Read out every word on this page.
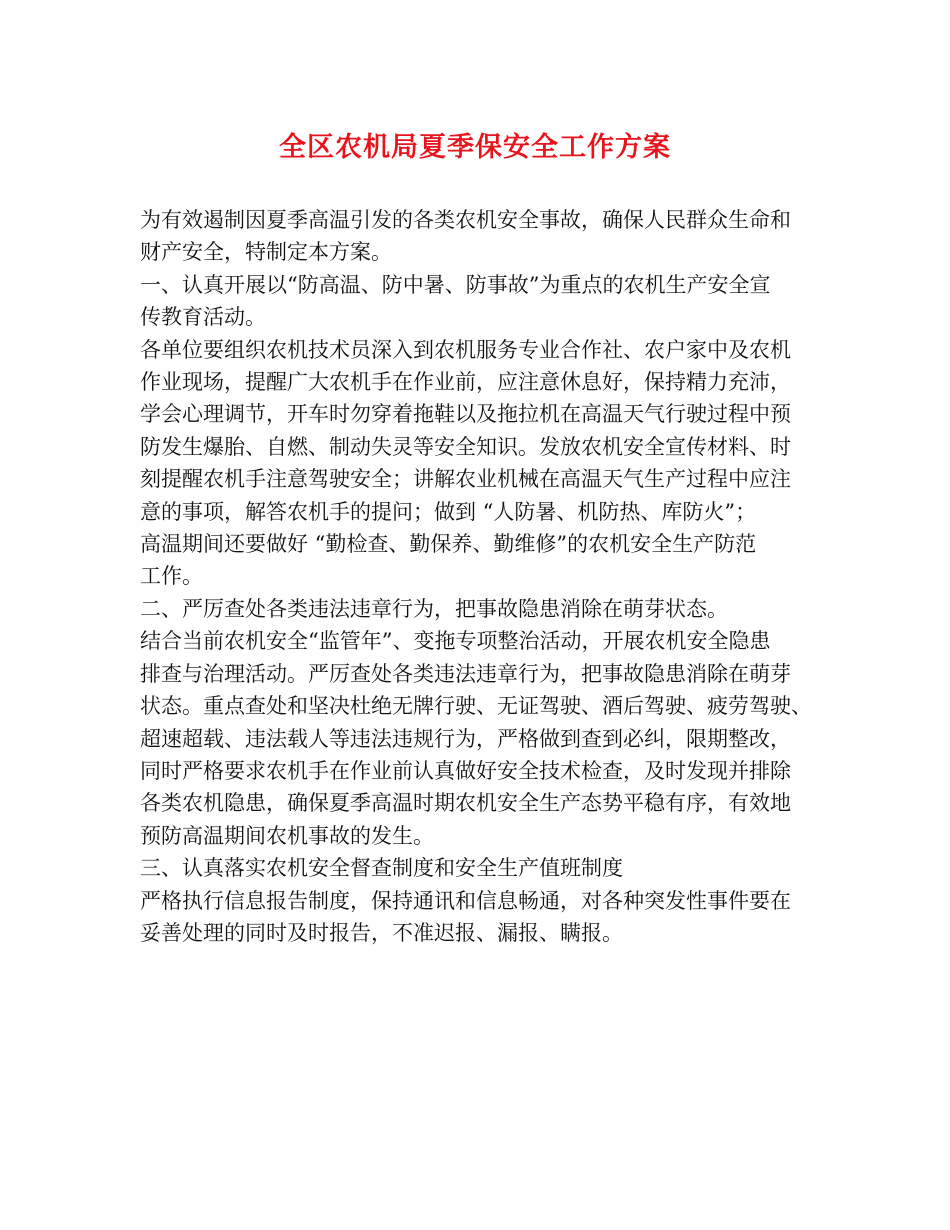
全区农机局夏季保安全工作方案
为有效遏制因夏季高温引发的各类农机安全事故，确保人民群众生命和
财产安全，特制定本方案。
一、认真开展以“防高温、防中暑、防事故”为重点的农机生产安全宣
传教育活动。
各单位要组织农机技术员深入到农机服务专业合作社、农户家中及农机
作业现场，提醒广大农机手在作业前，应注意休息好，保持精力充沛，
学会心理调节，开车时勿穿着拖鞋以及拖拉机在高温天气行驶过程中预
防发生爆胎、自燃、制动失灵等安全知识。发放农机安全宣传材料、时
刻提醒农机手注意驾驶安全；讲解农业机械在高温天气生产过程中应注
意的事项，解答农机手的提问；做到 “人防暑、机防热、库防火”；
高温期间还要做好 “勤检查、勤保养、勤维修”的农机安全生产防范
工作。
二、严厉查处各类违法违章行为，把事故隐患消除在萌芽状态。
结合当前农机安全“监管年”、变拖专项整治活动，开展农机安全隐患
排查与治理活动。严厉查处各类违法违章行为，把事故隐患消除在萌芽
状态。重点查处和坚决杜绝无牌行驶、无证驾驶、酒后驾驶、疲劳驾驶、
超速超载、违法载人等违法违规行为，严格做到查到必纠，限期整改，
同时严格要求农机手在作业前认真做好安全技术检查，及时发现并排除
各类农机隐患，确保夏季高温时期农机安全生产态势平稳有序，有效地
预防高温期间农机事故的发生。
三、认真落实农机安全督查制度和安全生产值班制度
严格执行信息报告制度，保持通讯和信息畅通，对各种突发性事件要在
妥善处理的同时及时报告，不准迟报、漏报、瞒报。
